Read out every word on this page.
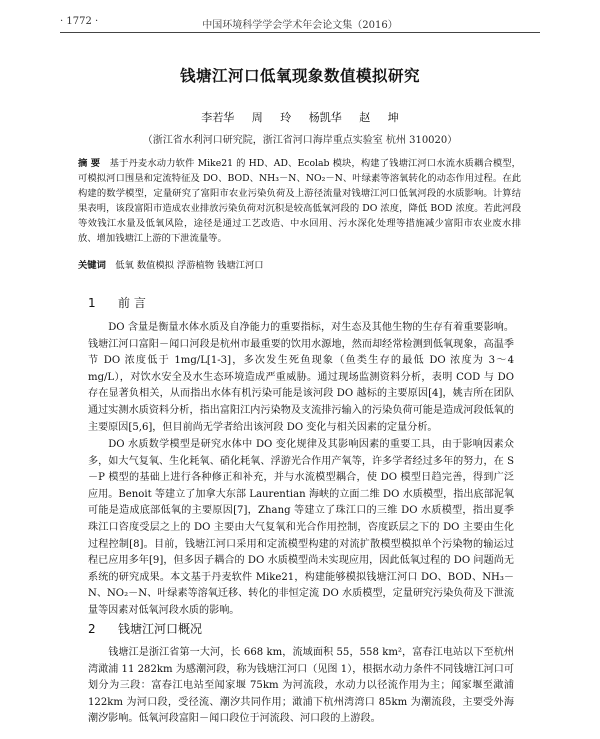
· 1772 ·	中国环境科学学会学术年会论文集（2016）
钱塘江河口低氧现象数值模拟研究
李若华 周 玲 杨凯华 赵 坤
（浙江省水利河口研究院，浙江省河口海岸重点实验室 杭州 310020）
摘 要　 基于丹麦水动力软件 Mike21 的 HD、AD、Ecolab 模块，构建了钱塘江河口水流水质耦合模型，可模拟河口围垦和定流特征及 DO、BOD、NH₃－N、NO₂－N、叶绿素等溶氧转化的动态作用过程。在此构建的数学模型，定量研究了富阳市农业污染负荷及上游径流量对钱塘江河口低氧河段的水质影响。计算结果表明，该段富阳市造成农业排放污染负荷对沉积是较高低氧河段的 DO 浓度，降低 BOD 浓度。若此河段等效钱江水量及低氧风险，途径是通过工艺改造、中水回用、污水深化处理等措施减少富阳市农业废水排放、增加钱塘江上游的下泄流量等。
关键词　 低氧 数值模拟 浮游植物 钱塘江河口
1 前 言
DO 含量是衡量水体水质及自净能力的重要指标，对生态及其他生物的生存有着重要影响。钱塘江河口富阳－闻口河段是杭州市最重要的饮用水源地，然而却经常检测到低氧现象，高温季节 DO 浓度低于 1mg/L[1-3]，多次发生死鱼现象（鱼类生存的最低 DO 浓度为 3～4 mg/L），对饮水安全及水生态环境造成严重威胁。通过现场监测资料分析，表明 COD 与 DO 存在显著负相关，从而指出水体有机污染可能是该河段 DO 越标的主要原因[4]，姚吉所在团队通过实测水质资料分析，指出富阳江内污染物及支流排污输入的污染负荷可能是造成河段低氧的主要原因[5,6]，但目前尚无学者给出该河段 DO 变化与相关因素的定量分析。
DO 水质数学模型是研究水体中 DO 变化规律及其影响因素的重要工具，由于影响因素众多，如大气复氧、生化耗氧、硝化耗氧、浮游光合作用产氧等，许多学者经过多年的努力，在 S－P 模型的基础上进行各种修正和补充，并与水流模型耦合，使 DO 模型日趋完善，得到广泛应用。Benoit 等建立了加拿大东部 Laurentian 海峡的立面二维 DO 水质模型，指出底部泥氧可能是造成底部低氧的主要原因[7]，Zhang 等建立了珠江口的三维 DO 水质模型，指出夏季珠江口咨度受层之上的 DO 主要由大气复氧和光合作用控制，咨度跃层之下的 DO 主要由生化过程控制[8]。目前，钱塘江河口采用和定流模型构建的对流扩散模型模拟单个污染物的输运过程已应用多年[9]，但多因子耦合的 DO 水质模型尚未实现应用，因此低氧过程的 DO 问题尚无系统的研究成果。本文基于丹麦软件 Mike21，构建能够模拟钱塘江河口 DO、BOD、NH₃－N、NO₂－N、叶绿素等溶氧迁移、转化的非恒定流 DO 水质模型，定量研究污染负荷及下泄流量等因素对低氧河段水质的影响。
2 钱塘江河口概况
钱塘江是浙江省第一大河，长 668 km，流域面积 55，558 km²，富春江电站以下至杭州湾澉浦 11 282km 为感潮河段，称为钱塘江河口（见图 1），根据水动力条件不同钱塘江河口可划分为三段：富春江电站至闻家堰 75km 为河流段，水动力以径流作用为主；闻家堰至澉浦 122km 为河口段，受径流、潮汐共同作用；澉浦下杭州湾湾口 85km 为潮流段，主要受外海潮汐影响。低氧河段富阳－闻口段位于河流段、河口段的上游段。
